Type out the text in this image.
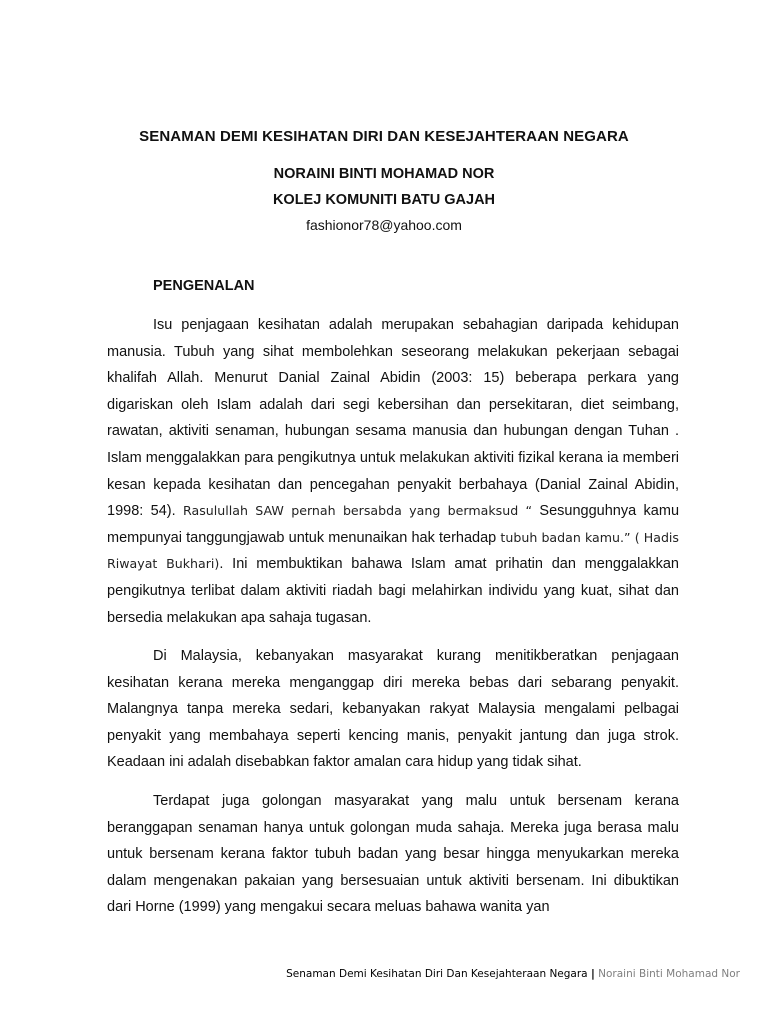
SENAMAN DEMI KESIHATAN DIRI DAN KESEJAHTERAAN NEGARA
NORAINI BINTI MOHAMAD NOR
KOLEJ KOMUNITI BATU GAJAH
fashionor78@yahoo.com
PENGENALAN

Isu penjagaan kesihatan adalah merupakan sebahagian daripada kehidupan manusia. Tubuh yang sihat membolehkan seseorang melakukan pekerjaan sebagai khalifah Allah. Menurut Danial Zainal Abidin (2003: 15) beberapa perkara yang digariskan oleh Islam adalah dari segi kebersihan dan persekitaran, diet seimbang, rawatan, aktiviti senaman, hubungan sesama manusia dan hubungan dengan Tuhan . Islam menggalakkan para pengikutnya untuk melakukan aktiviti fizikal kerana ia memberi kesan kepada kesihatan dan pencegahan penyakit berbahaya (Danial Zainal Abidin, 1998: 54). Rasulullah SAW pernah bersabda yang bermaksud “ Sesungguhnya kamu mempunyai tanggungjawab untuk menunaikan hak terhadap tubuh badan kamu.” ( Hadis Riwayat Bukhari). Ini membuktikan bahawa Islam amat prihatin dan menggalakkan pengikutnya terlibat dalam aktiviti riadah bagi melahirkan individu yang kuat, sihat dan bersedia melakukan apa sahaja tugasan.

Di Malaysia, kebanyakan masyarakat kurang menitikberatkan penjagaan kesihatan kerana mereka menganggap diri mereka bebas dari sebarang penyakit. Malangnya tanpa mereka sedari, kebanyakan rakyat Malaysia mengalami pelbagai penyakit yang membahaya seperti kencing manis, penyakit jantung dan juga strok. Keadaan ini adalah disebabkan faktor amalan cara hidup yang tidak sihat.

Terdapat juga golongan masyarakat yang malu untuk bersenam kerana beranggapan senaman hanya untuk golongan muda sahaja. Mereka juga berasa malu untuk bersenam kerana faktor tubuh badan yang besar hingga menyukarkan mereka dalam mengenakan pakaian yang bersesuaian untuk aktiviti bersenam. Ini dibuktikan dari Horne (1999) yang mengakui secara meluas bahawa wanita yan

Senaman Demi Kesihatan Diri Dan Kesejahteraan Negara | Noraini Binti Mohamad Nor
